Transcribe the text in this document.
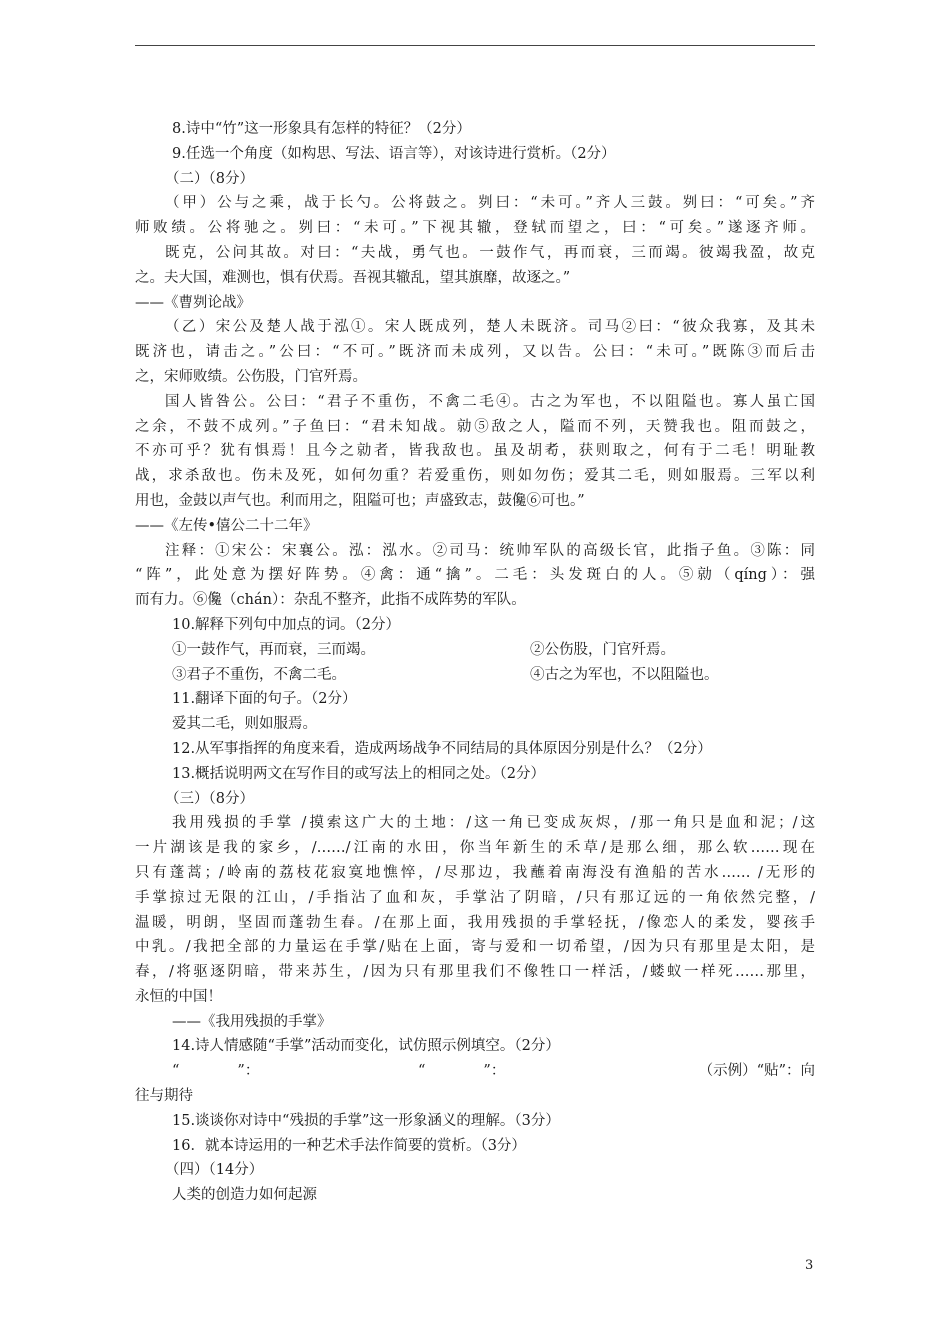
8.诗中“竹”这一形象具有怎样的特征？（2分）
9.任选一个角度（如构思、写法、语言等），对该诗进行赏析。（2分）
（二）（8分）
（甲）公与之乘，战于长勺。公将鼓之。刿曰：“未可。”齐人三鼓。刿曰：“可矣。”齐
师败绩。公将驰之。刿曰：“未可。”下视其辙，登轼而望之，曰：“可矣。”遂逐齐师。
既克，公问其故。对曰：“夫战，勇气也。一鼓作气，再而衰，三而竭。彼竭我盈，故克
之。夫大国，难测也，惧有伏焉。吾视其辙乱，望其旗靡，故逐之。”
——《曹刿论战》
（乙）宋公及楚人战于泓①。宋人既成列，楚人未既济。司马②曰：“彼众我寡，及其未
既济也，请击之。”公曰：“不可。”既济而未成列，又以告。公曰：“未可。”既陈③而后击
之，宋师败绩。公伤股，门官歼焉。
国人皆咎公。公曰：“君子不重伤，不禽二毛④。古之为军也，不以阻隘也。寡人虽亡国
之余，不鼓不成列。”子鱼曰：“君未知战。勍⑤敌之人，隘而不列，天赞我也。阻而鼓之，
不亦可乎？犹有惧焉！且今之勍者，皆我敌也。虽及胡耇，获则取之，何有于二毛！明耻教
战，求杀敌也。伤未及死，如何勿重？若爱重伤，则如勿伤；爱其二毛，则如服焉。三军以利
用也，金鼓以声气也。利而用之，阻隘可也；声盛致志，鼓儳⑥可也。”
——《左传•僖公二十二年》
注释：①宋公：宋襄公。泓：泓水。②司马：统帅军队的高级长官，此指子鱼。③陈：同
“阵”，此处意为摆好阵势。④禽：通“擒”。二毛：头发斑白的人。⑤勍（qíng）：强
而有力。⑥儳（chán）：杂乱不整齐，此指不成阵势的军队。
10.解释下列句中加点的词。（2分）
①一鼓作气，再而衰，三而竭。	②公伤股，门官歼焉。
③君子不重伤，不禽二毛。	④古之为军也，不以阻隘也。
11.翻译下面的句子。（2分）
爱其二毛，则如服焉。
12.从军事指挥的角度来看，造成两场战争不同结局的具体原因分别是什么？（2分）
13.概括说明两文在写作目的或写法上的相同之处。（2分）
（三）（8分）
我用残损的手掌 /摸索这广大的土地：/这一角已变成灰烬，/那一角只是血和泥；/这
一片湖该是我的家乡，/……/江南的水田，你当年新生的禾草/是那么细，那么软……现在
只有蓬蒿；/岭南的荔枝花寂寞地憔悴，/尽那边，我蘸着南海没有渔船的苦水…… /无形的
手掌掠过无限的江山，/手指沾了血和灰，手掌沾了阴暗，/只有那辽远的一角依然完整，/
温暖，明朗，坚固而蓬勃生春。/在那上面，我用残损的手掌轻抚，/像恋人的柔发，婴孩手
中乳。/我把全部的力量运在手掌/贴在上面，寄与爱和一切希望，/因为只有那里是太阳，是
春，/将驱逐阴暗，带来苏生，/因为只有那里我们不像牲口一样活，/蝼蚁一样死……那里，
永恒的中国！
——《我用残损的手掌》
14.诗人情感随“手掌”活动而变化，试仿照示例填空。（2分）
“　　　　”：	“　　　　”：	（示例）“贴”：向
往与期待
15.谈谈你对诗中“残损的手掌”这一形象涵义的理解。（3分）
16．就本诗运用的一种艺术手法作简要的赏析。（3分）
（四）（14分）
人类的创造力如何起源
3
